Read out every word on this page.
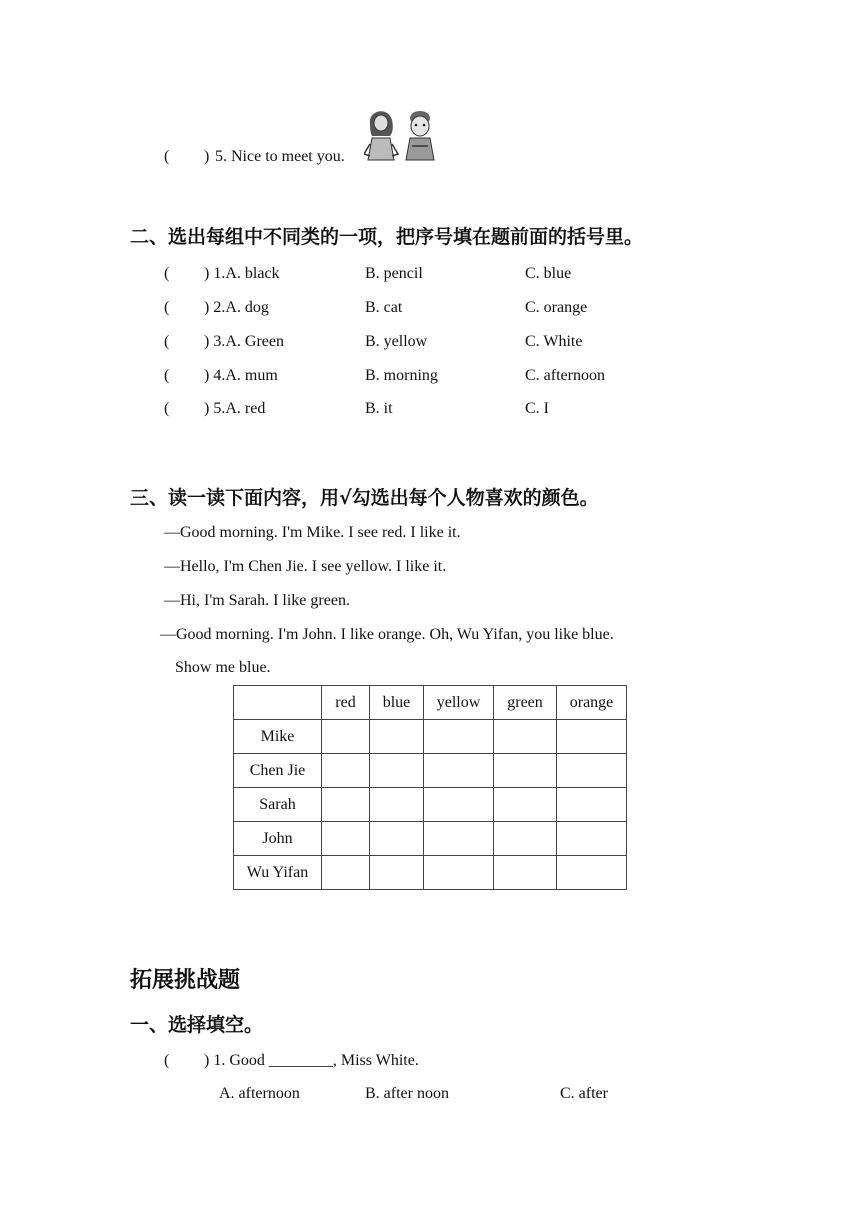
( ) 5. Nice to meet you.
二、选出每组中不同类的一项，把序号填在题前面的括号里。
( ) 1.A. black	B. pencil	C. blue
( ) 2.A. dog	B. cat	C. orange
( ) 3.A. Green	B. yellow	C. White
( ) 4.A. mum	B. morning	C. afternoon
( ) 5.A. red	B. it	C. I
三、读一读下面内容，用√勾选出每个人物喜欢的颜色。
—Good morning. I'm Mike. I see red. I like it.
—Hello, I'm Chen Jie. I see yellow. I like it.
—Hi, I'm Sarah. I like green.
—Good morning. I'm John. I like orange. Oh, Wu Yifan, you like blue.
Show me blue.
	red	blue	yellow	green	orange
Mike					
Chen Jie					
Sarah					
John					
Wu Yifan					
拓展挑战题
一、选择填空。
( ) 1. Good ________, Miss White.
A. afternoon	B. after noon	C. after
